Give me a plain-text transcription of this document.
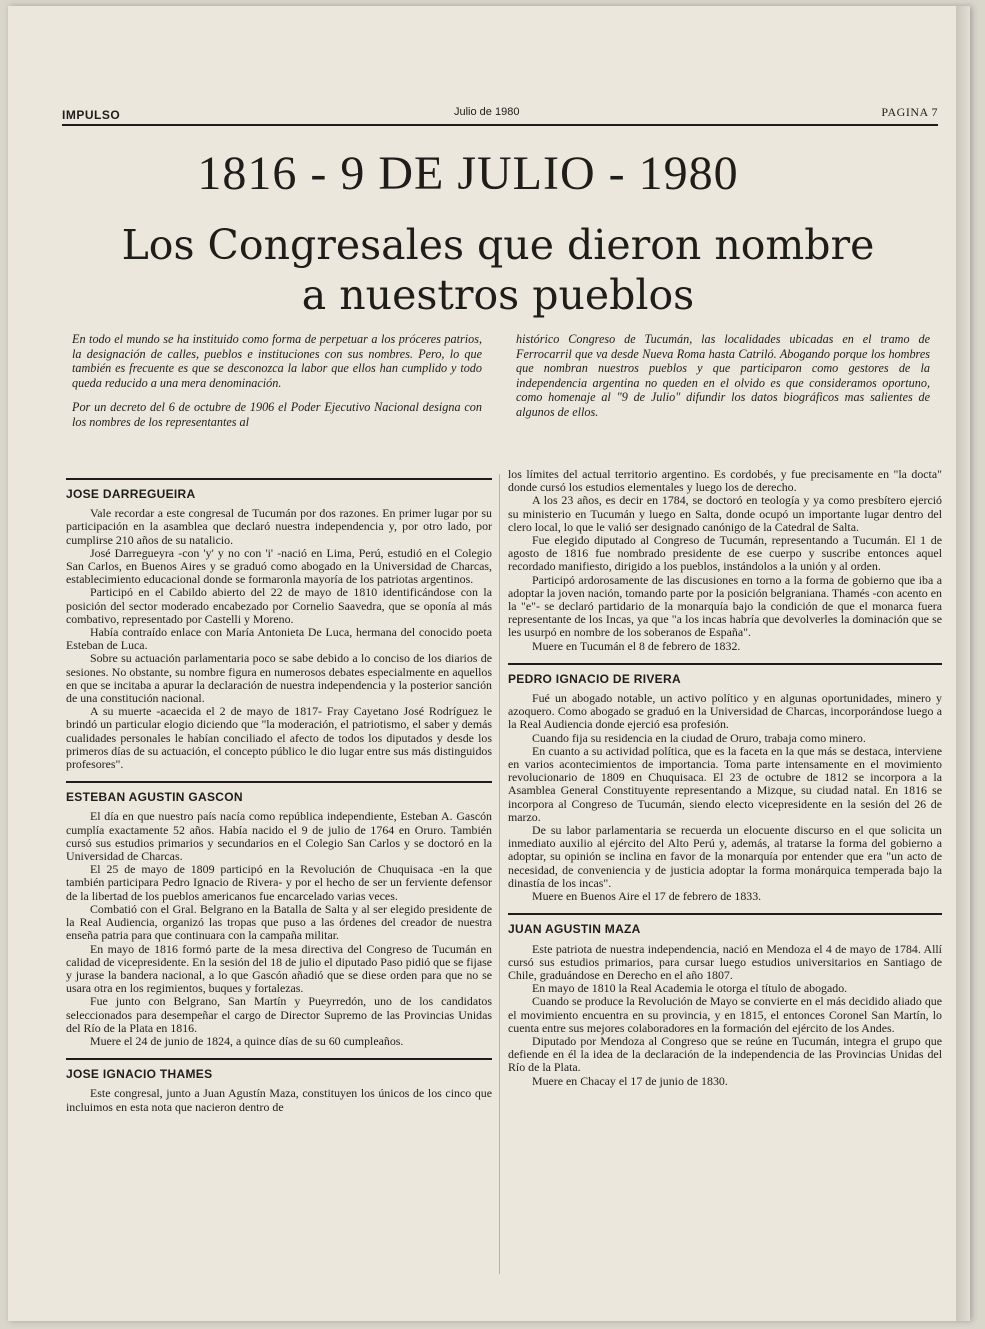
IMPULSO	Julio de 1980	PAGINA 7
1816 - 9 DE JULIO - 1980
Los Congresales que dieron nombre
a nuestros pueblos

En todo el mundo se ha instituido como forma de perpetuar a los próceres patrios, la designación de calles, pueblos e instituciones con sus nombres. Pero, lo que también es frecuente es que se desconozca la labor que ellos han cumplido y todo queda reducido a una mera denominación.

Por un decreto del 6 de octubre de 1906 el Poder Ejecutivo Nacional designa con los nombres de los representantes al

histórico Congreso de Tucumán, las localidades ubicadas en el tramo de Ferrocarril que va desde Nueva Roma hasta Catriló. Abogando porque los hombres que nombran nuestros pueblos y que participaron como gestores de la independencia argentina no queden en el olvido es que consideramos oportuno, como homenaje al "9 de Julio" difundir los datos biográficos mas salientes de algunos de ellos.

JOSE DARREGUEIRA

Vale recordar a este congresal de Tucumán por dos razones. En primer lugar por su participación en la asamblea que declaró nuestra independencia y, por otro lado, por cumplirse 210 años de su natalicio.

José Darregueyra -con 'y' y no con 'i' -nació en Lima, Perú, estudió en el Colegio San Carlos, en Buenos Aires y se graduó como abogado en la Universidad de Charcas, establecimiento educacional donde se formaronla mayoría de los patriotas argentinos.

Participó en el Cabildo abierto del 22 de mayo de 1810 identificándose con la posición del sector moderado encabezado por Cornelio Saavedra, que se oponía al más combativo, representado por Castelli y Moreno.

Había contraído enlace con María Antonieta De Luca, hermana del conocido poeta Esteban de Luca.

Sobre su actuación parlamentaria poco se sabe debido a lo conciso de los diarios de sesiones. No obstante, su nombre figura en numerosos debates especialmente en aquellos en que se incitaba a apurar la declaración de nuestra independencia y la posterior sanción de una constitución nacional.

A su muerte -acaecida el 2 de mayo de 1817- Fray Cayetano José Rodríguez le brindó un particular elogio diciendo que "la moderación, el patriotismo, el saber y demás cualidades personales le habían conciliado el afecto de todos los diputados y desde los primeros días de su actuación, el concepto público le dio lugar entre sus más distinguidos profesores".

ESTEBAN AGUSTIN GASCON

El día en que nuestro país nacía como república independiente, Esteban A. Gascón cumplía exactamente 52 años. Había nacido el 9 de julio de 1764 en Oruro. También cursó sus estudios primarios y secundarios en el Colegio San Carlos y se doctoró en la Universidad de Charcas.

El 25 de mayo de 1809 participó en la Revolución de Chuquisaca -en la que también participara Pedro Ignacio de Rivera- y por el hecho de ser un ferviente defensor de la libertad de los pueblos americanos fue encarcelado varias veces.

Combatió con el Gral. Belgrano en la Batalla de Salta y al ser elegido presidente de la Real Audiencia, organizó las tropas que puso a las órdenes del creador de nuestra enseña patria para que continuara con la campaña militar.

En mayo de 1816 formó parte de la mesa directiva del Congreso de Tucumán en calidad de vicepresidente. En la sesión del 18 de julio el diputado Paso pidió que se fijase y jurase la bandera nacional, a lo que Gascón añadió que se diese orden para que no se usara otra en los regimientos, buques y fortalezas.

Fue junto con Belgrano, San Martín y Pueyrredón, uno de los candidatos seleccionados para desempeñar el cargo de Director Supremo de las Provincias Unidas del Río de la Plata en 1816.

Muere el 24 de junio de 1824, a quince días de su 60 cumpleaños.

JOSE IGNACIO THAMES

Este congresal, junto a Juan Agustín Maza, constituyen los únicos de los cinco que incluimos en esta nota que nacieron dentro de

los límites del actual territorio argentino. Es cordobés, y fue precisamente en "la docta" donde cursó los estudios elementales y luego los de derecho.

A los 23 años, es decir en 1784, se doctoró en teología y ya como presbítero ejerció su ministerio en Tucumán y luego en Salta, donde ocupó un importante lugar dentro del clero local, lo que le valió ser designado canónigo de la Catedral de Salta.

Fue elegido diputado al Congreso de Tucumán, representando a Tucumán. El 1 de agosto de 1816 fue nombrado presidente de ese cuerpo y suscribe entonces aquel recordado manifiesto, dirigido a los pueblos, instándolos a la unión y al orden.

Participó ardorosamente de las discusiones en torno a la forma de gobierno que iba a adoptar la joven nación, tomando parte por la posición belgraniana. Thamés -con acento en la "e"- se declaró partidario de la monarquía bajo la condición de que el monarca fuera representante de los Incas, ya que "a los incas habría que devolverles la dominación que se les usurpó en nombre de los soberanos de España".

Muere en Tucumán el 8 de febrero de 1832.

PEDRO IGNACIO DE RIVERA

Fué un abogado notable, un activo político y en algunas oportunidades, minero y azoquero. Como abogado se graduó en la Universidad de Charcas, incorporándose luego a la Real Audiencia donde ejerció esa profesión.

Cuando fija su residencia en la ciudad de Oruro, trabaja como minero.

En cuanto a su actividad política, que es la faceta en la que más se destaca, interviene en varios acontecimientos de importancia. Toma parte intensamente en el movimiento revolucionario de 1809 en Chuquisaca. El 23 de octubre de 1812 se incorpora a la Asamblea General Constituyente representando a Mizque, su ciudad natal. En 1816 se incorpora al Congreso de Tucumán, siendo electo vicepresidente en la sesión del 26 de marzo.

De su labor parlamentaria se recuerda un elocuente discurso en el que solicita un inmediato auxilio al ejército del Alto Perú y, además, al tratarse la forma del gobierno a adoptar, su opinión se inclina en favor de la monarquía por entender que era "un acto de necesidad, de conveniencia y de justicia adoptar la forma monárquica temperada bajo la dinastía de los incas".

Muere en Buenos Aire el 17 de febrero de 1833.

JUAN AGUSTIN MAZA

Este patriota de nuestra independencia, nació en Mendoza el 4 de mayo de 1784. Allí cursó sus estudios primarios, para cursar luego estudios universitarios en Santiago de Chile, graduándose en Derecho en el año 1807.

En mayo de 1810 la Real Academia le otorga el título de abogado.

Cuando se produce la Revolución de Mayo se convierte en el más decidido aliado que el movimiento encuentra en su provincia, y en 1815, el entonces Coronel San Martín, lo cuenta entre sus mejores colaboradores en la formación del ejército de los Andes.

Diputado por Mendoza al Congreso que se reúne en Tucumán, integra el grupo que defiende en él la idea de la declaración de la independencia de las Provincias Unidas del Río de la Plata.

Muere en Chacay el 17 de junio de 1830.
